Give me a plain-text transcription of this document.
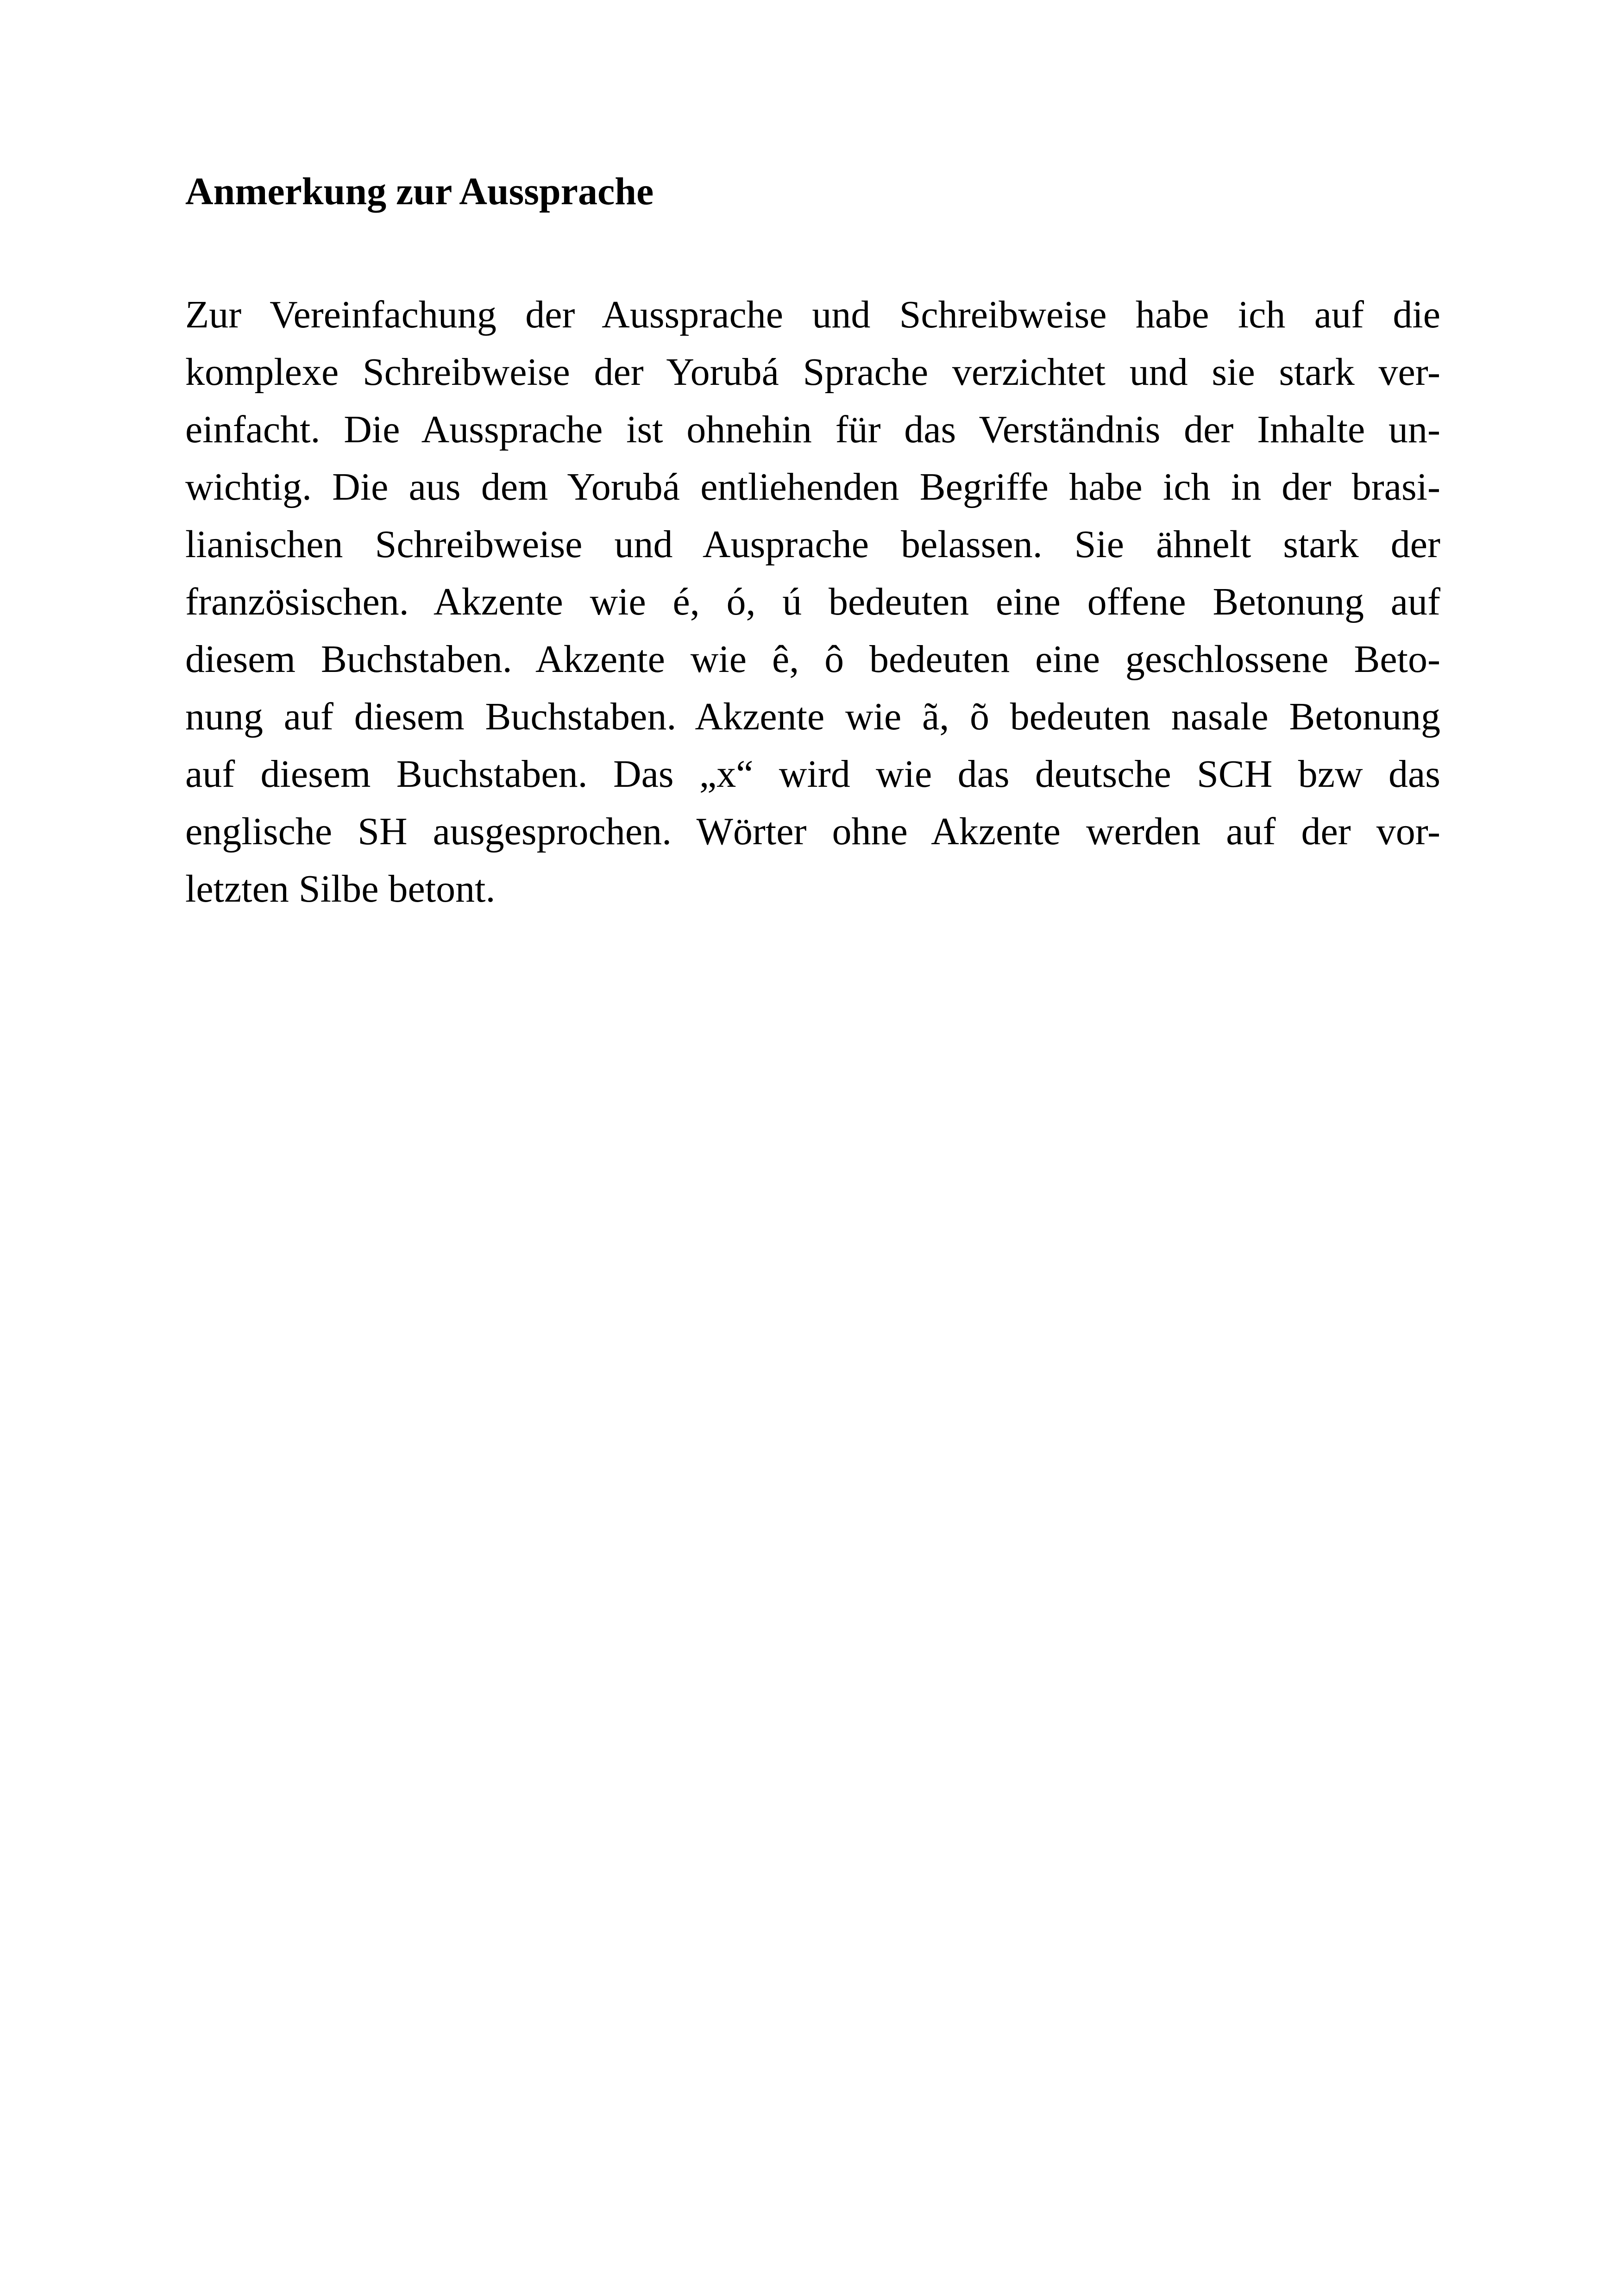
Anmerkung zur Aussprache
Zur Vereinfachung der Aussprache und Schreibweise habe ich auf die
komplexe Schreibweise der Yorubá Sprache verzichtet und sie stark ver-
einfacht. Die Aussprache ist ohnehin für das Verständnis der Inhalte un-
wichtig. Die aus dem Yorubá entliehenden Begriffe habe ich in der brasi-
lianischen Schreibweise und Ausprache belassen. Sie ähnelt stark der
französischen. Akzente wie é, ó, ú bedeuten eine offene Betonung auf
diesem Buchstaben. Akzente wie ê, ô bedeuten eine geschlossene Beto-
nung auf diesem Buchstaben. Akzente wie ã, õ bedeuten nasale Betonung
auf diesem Buchstaben. Das „x“ wird wie das deutsche SCH bzw das
englische SH ausgesprochen. Wörter ohne Akzente werden auf der vor-
letzten Silbe betont.
